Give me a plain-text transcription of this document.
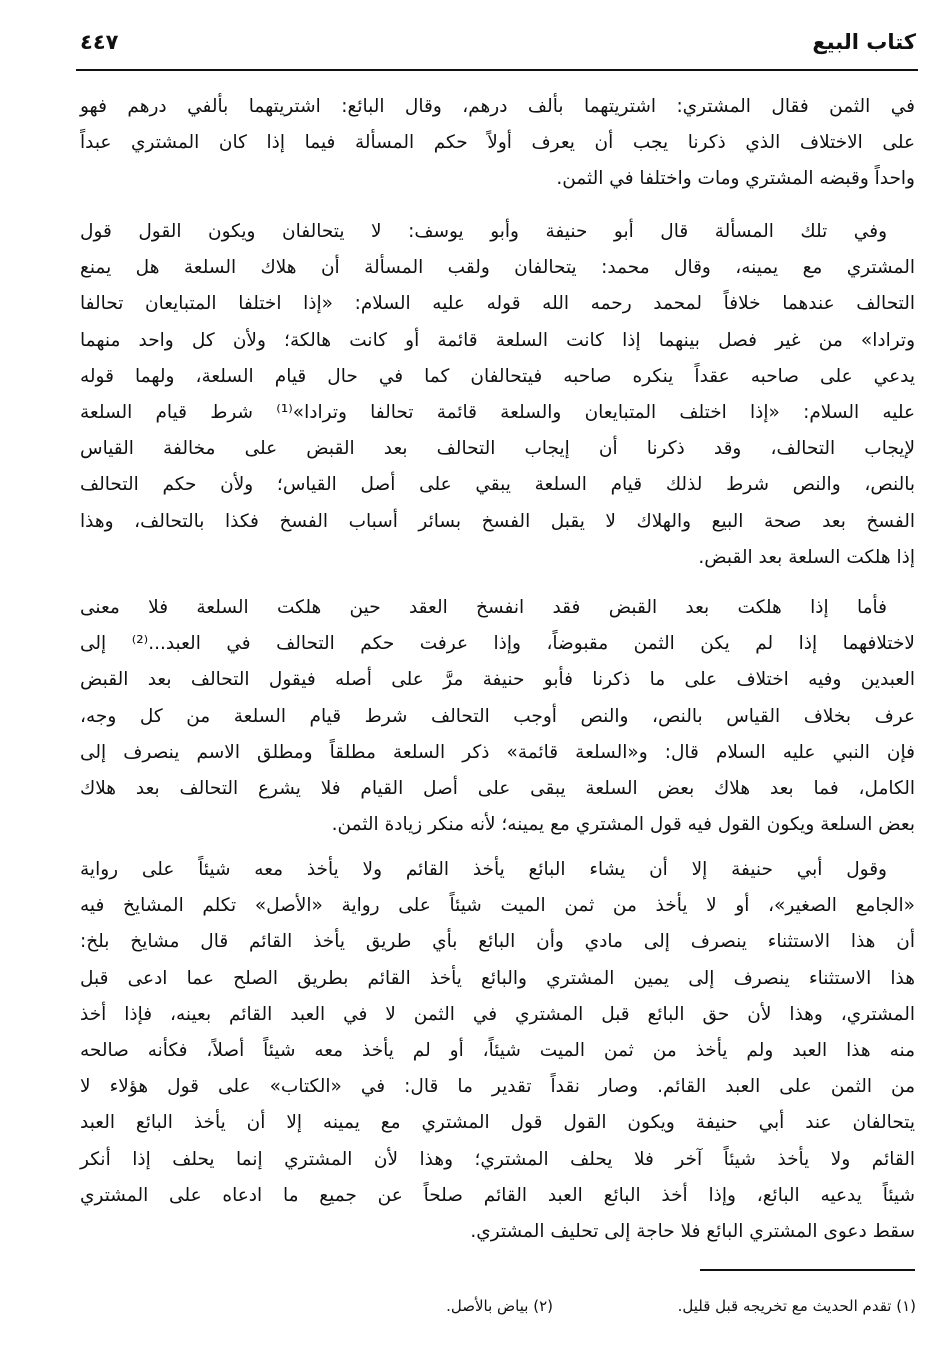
كتاب البيع
٤٤٧
في الثمن فقال المشتري: اشتريتهما بألف درهم، وقال البائع: اشتريتهما بألفي درهم فهو
على الاختلاف الذي ذكرنا يجب أن يعرف أولاً حكم المسألة فيما إذا كان المشتري عبداً
واحداً وقبضه المشتري ومات واختلفا في الثمن.
وفي تلك المسألة قال أبو حنيفة وأبو يوسف: لا يتحالفان ويكون القول قول
المشتري مع يمينه، وقال محمد: يتحالفان ولقب المسألة أن هلاك السلعة هل يمنع
التحالف عندهما خلافاً لمحمد رحمه الله قوله عليه السلام: «إذا اختلفا المتبايعان تحالفا
وترادا» من غير فصل بينهما إذا كانت السلعة قائمة أو كانت هالكة؛ ولأن كل واحد منهما
يدعي على صاحبه عقداً ينكره صاحبه فيتحالفان كما في حال قيام السلعة، ولهما قوله
عليه السلام: «إذا اختلف المتبايعان والسلعة قائمة تحالفا وترادا»⁽¹⁾ شرط قيام السلعة
لإيجاب التحالف، وقد ذكرنا أن إيجاب التحالف بعد القبض على مخالفة القياس
بالنص، والنص شرط لذلك قيام السلعة يبقي على أصل القياس؛ ولأن حكم التحالف
الفسخ بعد صحة البيع والهلاك لا يقبل الفسخ بسائر أسباب الفسخ فكذا بالتحالف، وهذا
إذا هلكت السلعة بعد القبض.
فأما إذا هلكت بعد القبض فقد انفسخ العقد حين هلكت السلعة فلا معنى
لاختلافهما إذا لم يكن الثمن مقبوضاً، وإذا عرفت حكم التحالف في العبد...⁽²⁾ إلى
العبدين وفيه اختلاف على ما ذكرنا فأبو حنيفة مرَّ على أصله فيقول التحالف بعد القبض
عرف بخلاف القياس بالنص، والنص أوجب التحالف شرط قيام السلعة من كل وجه،
فإن النبي عليه السلام قال: و«السلعة قائمة» ذكر السلعة مطلقاً ومطلق الاسم ينصرف إلى
الكامل، فما بعد هلاك بعض السلعة يبقى على أصل القيام فلا يشرع التحالف بعد هلاك
بعض السلعة ويكون القول فيه قول المشتري مع يمينه؛ لأنه منكر زيادة الثمن.
وقول أبي حنيفة إلا أن يشاء البائع يأخذ القائم ولا يأخذ معه شيئاً على رواية
«الجامع الصغير»، أو لا يأخذ من ثمن الميت شيئاً على رواية «الأصل» تكلم المشايخ فيه
أن هذا الاستثناء ينصرف إلى مادي وأن البائع بأي طريق يأخذ القائم قال مشايخ بلخ:
هذا الاستثناء ينصرف إلى يمين المشتري والبائع يأخذ القائم بطريق الصلح عما ادعى قبل
المشتري، وهذا لأن حق البائع قبل المشتري في الثمن لا في العبد القائم بعينه، فإذا أخذ
منه هذا العبد ولم يأخذ من ثمن الميت شيئاً، أو لم يأخذ معه شيئاً أصلاً، فكأنه صالحه
من الثمن على العبد القائم. وصار نقداً تقدير ما قال: في «الكتاب» على قول هؤلاء لا
يتحالفان عند أبي حنيفة ويكون القول قول المشتري مع يمينه إلا أن يأخذ البائع العبد
القائم ولا يأخذ شيئاً آخر فلا يحلف المشتري؛ وهذا لأن المشتري إنما يحلف إذا أنكر
شيئاً يدعيه البائع، وإذا أخذ البائع العبد القائم صلحاً عن جميع ما ادعاه على المشتري
سقط دعوى المشتري البائع فلا حاجة إلى تحليف المشتري.
(١) تقدم الحديث مع تخريجه قبل قليل.
(٢) بياض بالأصل.
